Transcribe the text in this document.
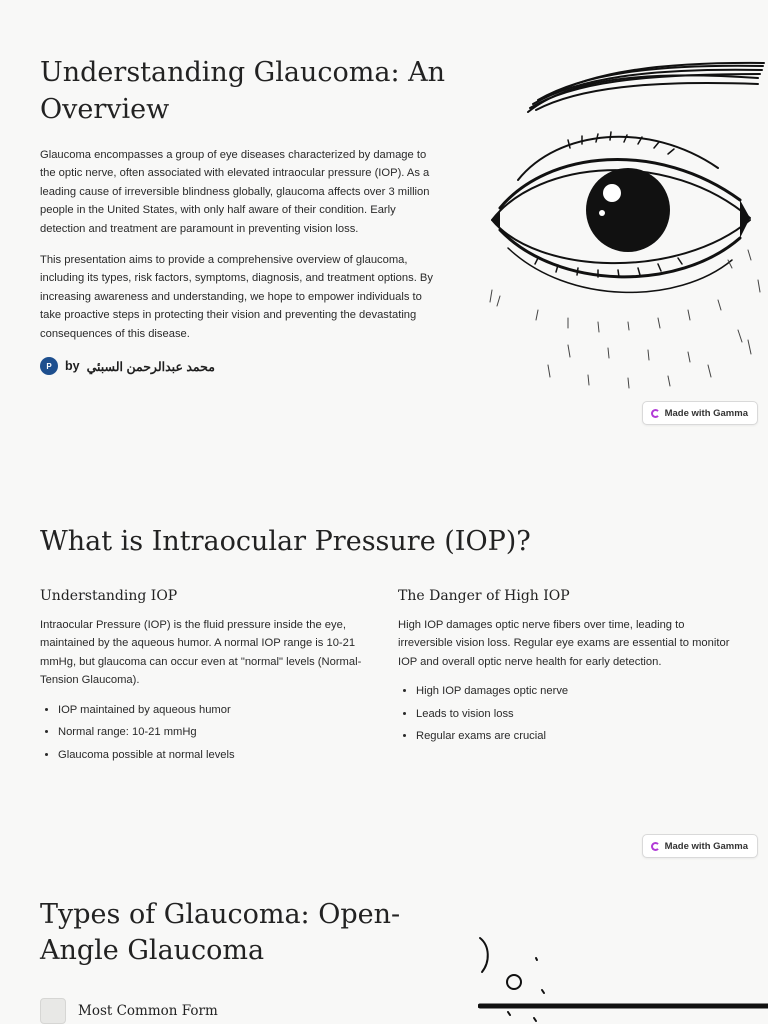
Understanding Glaucoma: An Overview
Glaucoma encompasses a group of eye diseases characterized by damage to the optic nerve, often associated with elevated intraocular pressure (IOP). As a leading cause of irreversible blindness globally, glaucoma affects over 3 million people in the United States, with only half aware of their condition. Early detection and treatment are paramount in preventing vision loss.
This presentation aims to provide a comprehensive overview of glaucoma, including its types, risk factors, symptoms, diagnosis, and treatment options. By increasing awareness and understanding, we hope to empower individuals to take proactive steps in protecting their vision and preventing the devastating consequences of this disease.
P	by محمد عبدالرحمن السبئي
Made with Gamma
What is Intraocular Pressure (IOP)?
Understanding IOP

Intraocular Pressure (IOP) is the fluid pressure inside the eye, maintained by the aqueous humor. A normal IOP range is 10-21 mmHg, but glaucoma can occur even at "normal" levels (Normal-Tension Glaucoma).

• IOP maintained by aqueous humor
• Normal range: 10-21 mmHg
• Glaucoma possible at normal levels
The Danger of High IOP

High IOP damages optic nerve fibers over time, leading to irreversible vision loss. Regular eye exams are essential to monitor IOP and overall optic nerve health for early detection.

• High IOP damages optic nerve
• Leads to vision loss
• Regular exams are crucial
Made with Gamma
Types of Glaucoma: Open-Angle Glaucoma
Most Common Form
